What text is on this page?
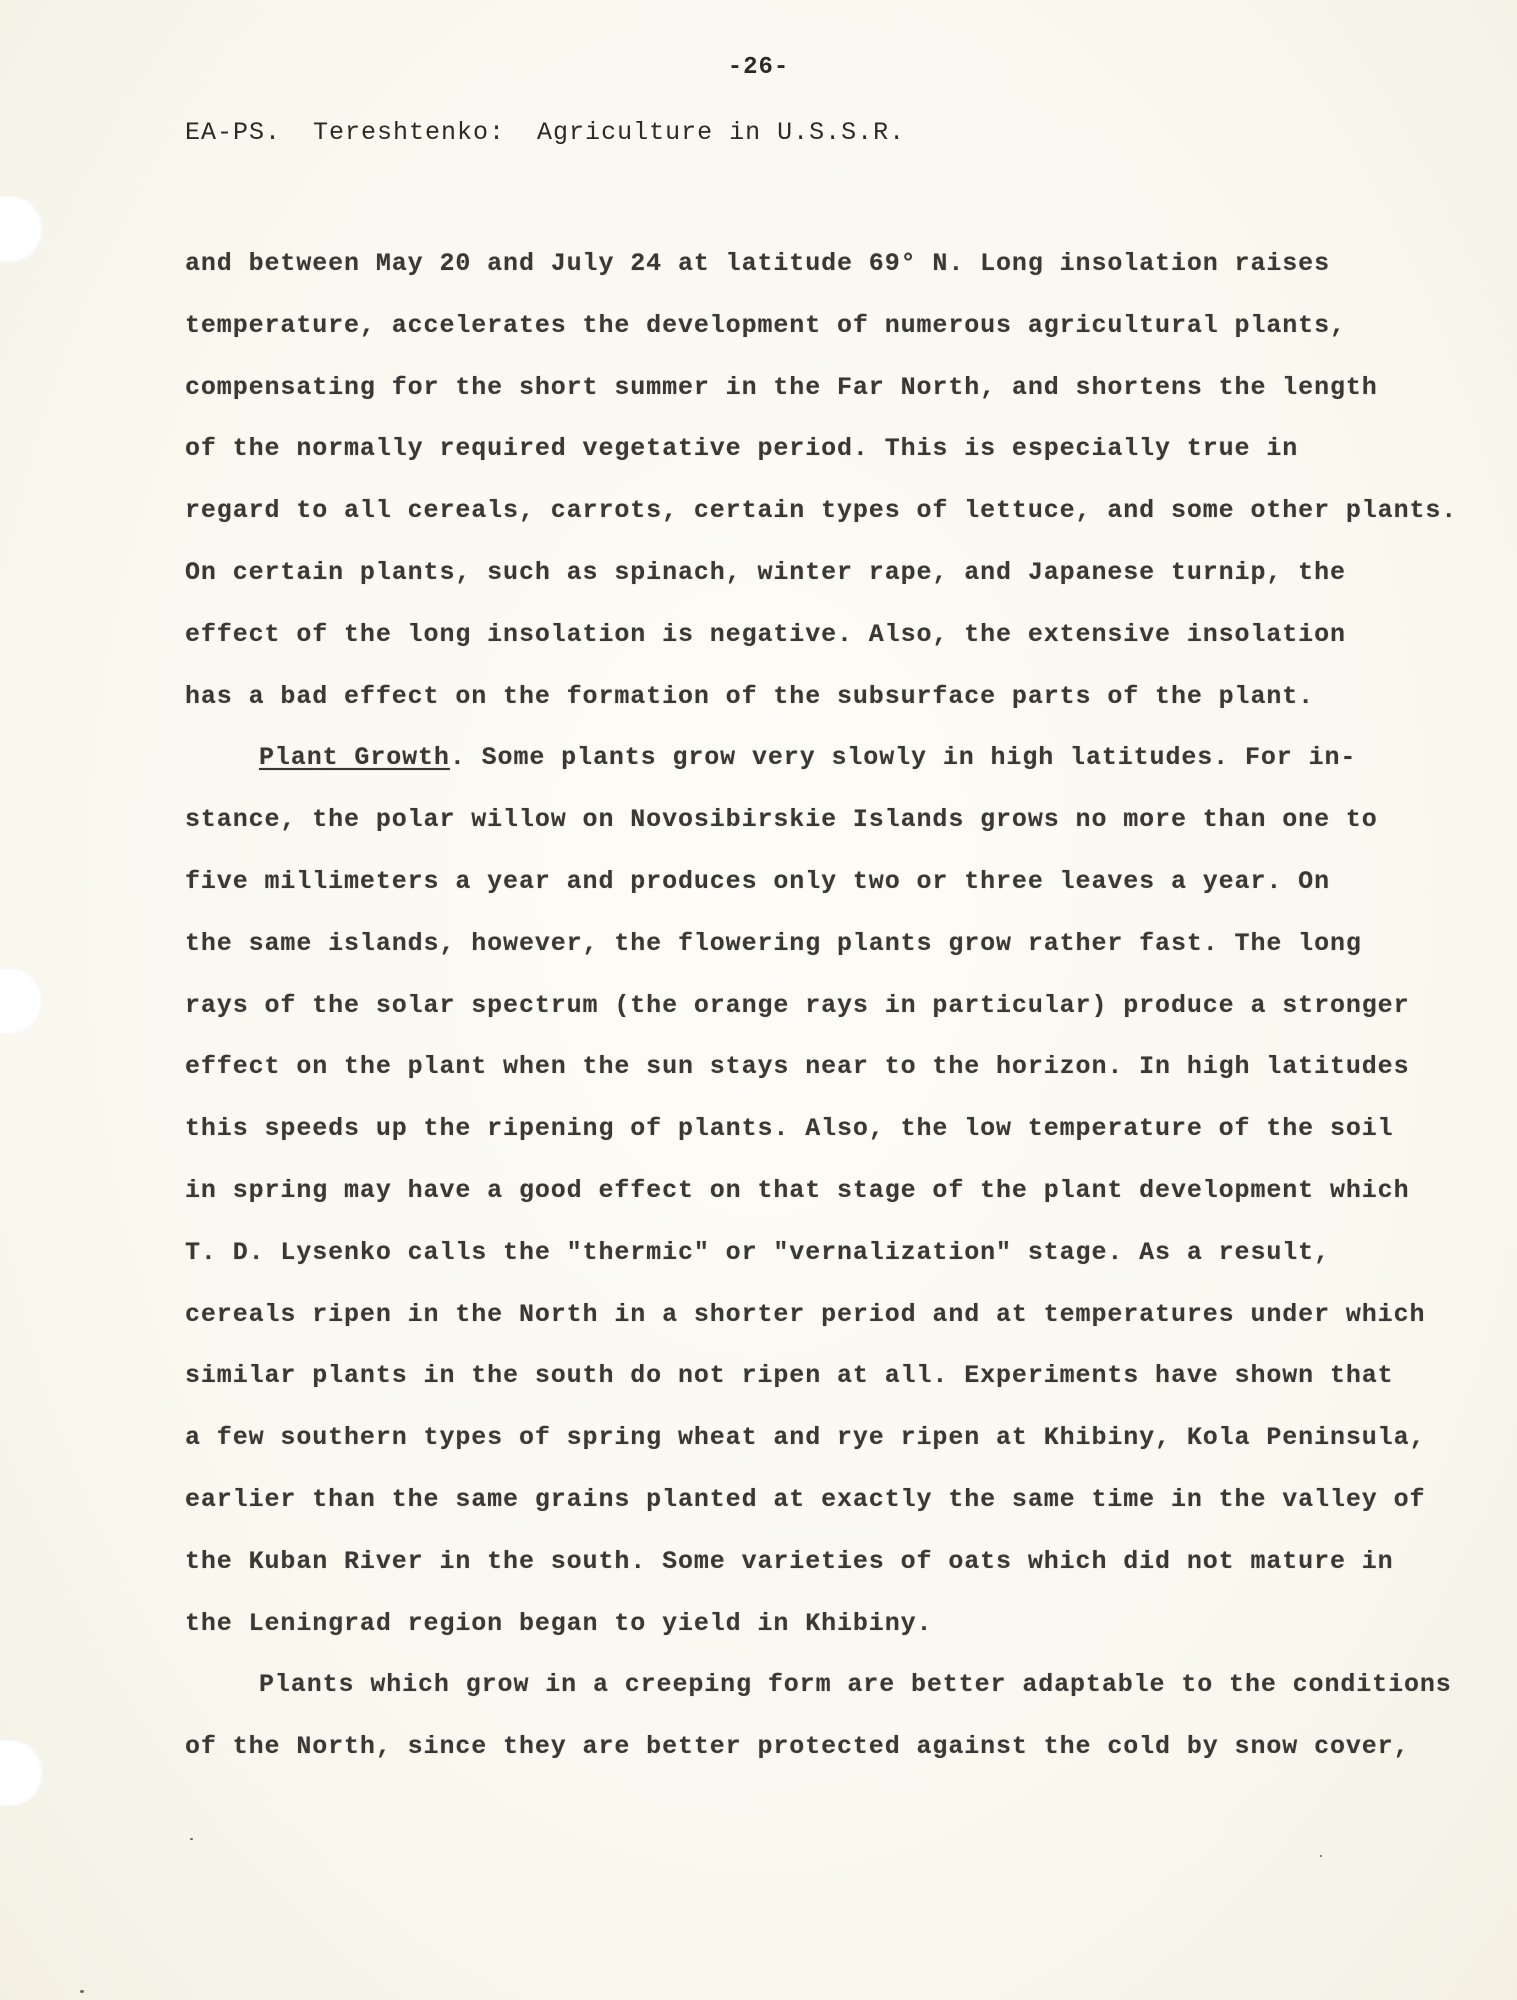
-26-
EA-PS.  Tereshtenko:  Agriculture in U.S.S.R.
and between May 20 and July 24 at latitude 69° N. Long insolation raises
temperature, accelerates the development of numerous agricultural plants,
compensating for the short summer in the Far North, and shortens the length
of the normally required vegetative period. This is especially true in
regard to all cereals, carrots, certain types of lettuce, and some other plants.
On certain plants, such as spinach, winter rape, and Japanese turnip, the
effect of the long insolation is negative. Also, the extensive insolation
has a bad effect on the formation of the subsurface parts of the plant.
Plant Growth. Some plants grow very slowly in high latitudes. For in-
stance, the polar willow on Novosibirskie Islands grows no more than one to
five millimeters a year and produces only two or three leaves a year. On
the same islands, however, the flowering plants grow rather fast. The long
rays of the solar spectrum (the orange rays in particular) produce a stronger
effect on the plant when the sun stays near to the horizon. In high latitudes
this speeds up the ripening of plants. Also, the low temperature of the soil
in spring may have a good effect on that stage of the plant development which
T. D. Lysenko calls the "thermic" or "vernalization" stage. As a result,
cereals ripen in the North in a shorter period and at temperatures under which
similar plants in the south do not ripen at all. Experiments have shown that
a few southern types of spring wheat and rye ripen at Khibiny, Kola Peninsula,
earlier than the same grains planted at exactly the same time in the valley of
the Kuban River in the south. Some varieties of oats which did not mature in
the Leningrad region began to yield in Khibiny.
Plants which grow in a creeping form are better adaptable to the conditions
of the North, since they are better protected against the cold by snow cover,
